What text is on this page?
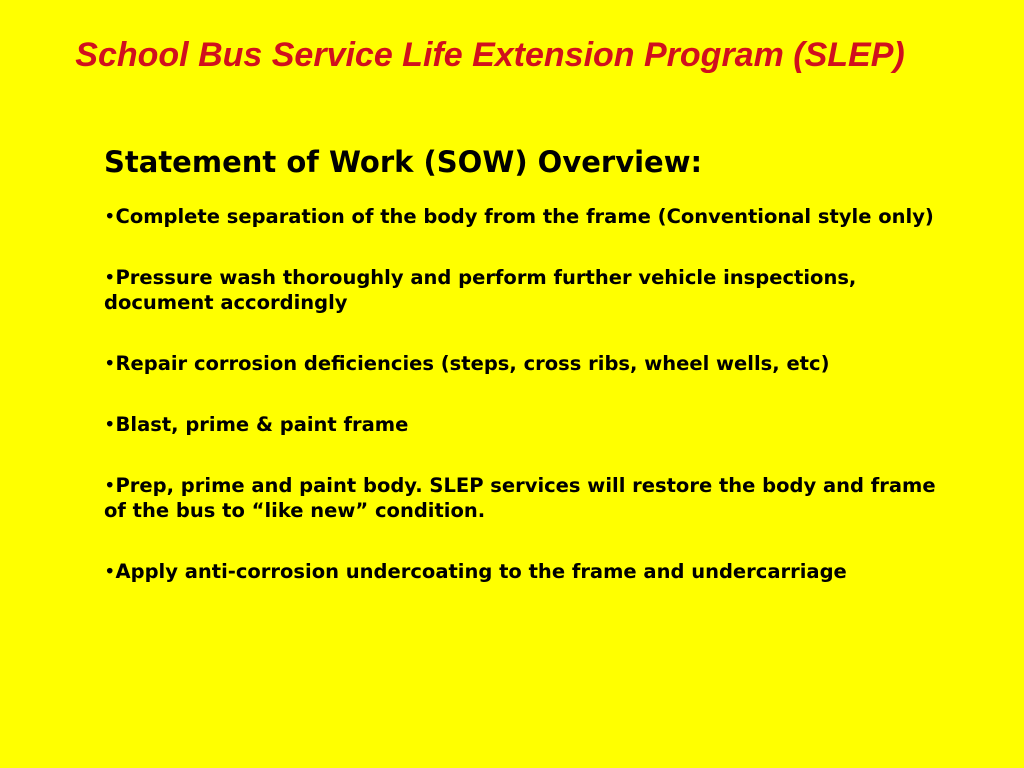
School Bus Service Life Extension Program (SLEP)
Statement of Work (SOW) Overview:
•Complete separation of the body from the frame (Conventional style only)
•Pressure wash thoroughly and perform further vehicle inspections, document accordingly
•Repair corrosion deficiencies (steps, cross ribs, wheel wells, etc)
•Blast, prime & paint frame
•Prep, prime and paint body. SLEP services will restore the body and frame of the bus to “like new” condition.
•Apply anti-corrosion undercoating to the frame and undercarriage
